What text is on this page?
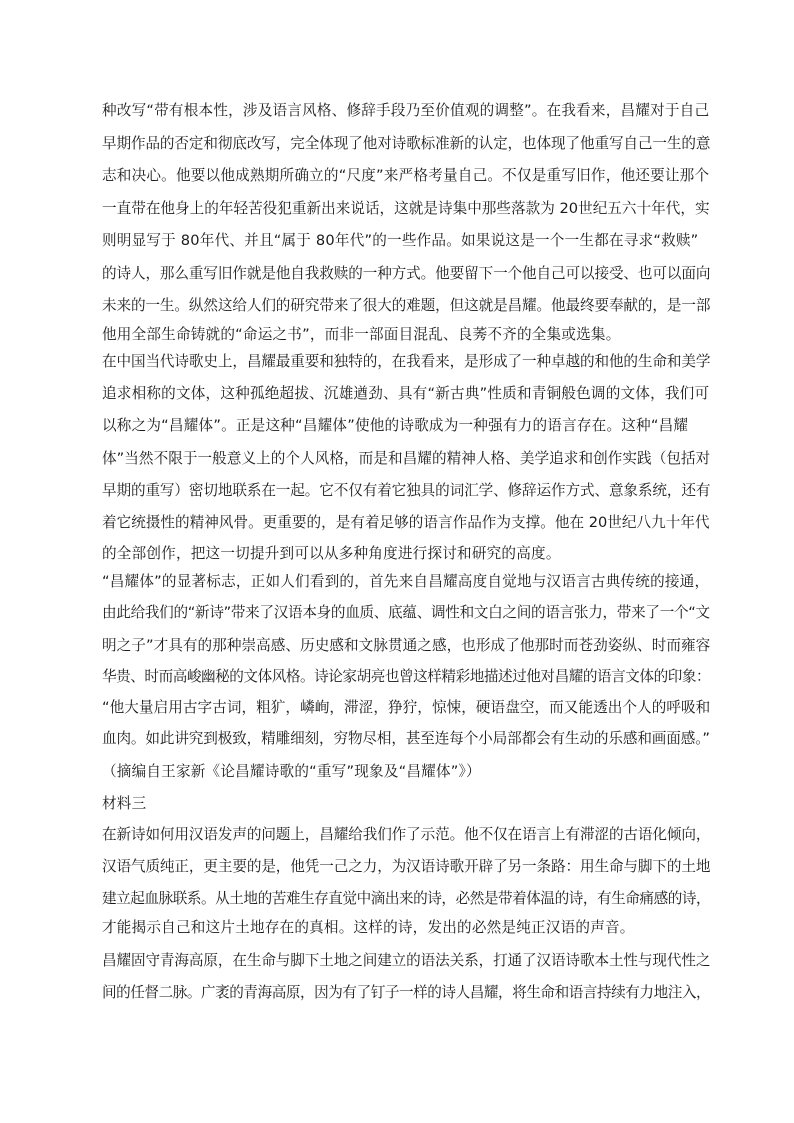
种改写“带有根本性，涉及语言风格、修辞手段乃至价值观的调整”。在我看来，昌耀对于自己

早期作品的否定和彻底改写，完全体现了他对诗歌标准新的认定，也体现了他重写自己一生的意

志和决心。他要以他成熟期所确立的“尺度”来严格考量自己。不仅是重写旧作，他还要让那个

一直带在他身上的年轻苦役犯重新出来说话，这就是诗集中那些落款为 20世纪五六十年代，实

则明显写于 80年代、并且“属于 80年代”的一些作品。如果说这是一个一生都在寻求“救赎”

的诗人，那么重写旧作就是他自我救赎的一种方式。他要留下一个他自己可以接受、也可以面向

未来的一生。纵然这给人们的研究带来了很大的难题，但这就是昌耀。他最终要奉献的，是一部

他用全部生命铸就的“命运之书”，而非一部面目混乱、良莠不齐的全集或选集。

在中国当代诗歌史上，昌耀最重要和独特的，在我看来，是形成了一种卓越的和他的生命和美学

追求相称的文体，这种孤绝超拔、沉雄遒劲、具有“新古典”性质和青铜般色调的文体，我们可

以称之为“昌耀体”。正是这种“昌耀体”使他的诗歌成为一种强有力的语言存在。这种“昌耀

体”当然不限于一般意义上的个人风格，而是和昌耀的精神人格、美学追求和创作实践（包括对

早期的重写）密切地联系在一起。它不仅有着它独具的词汇学、修辞运作方式、意象系统，还有

着它统摄性的精神风骨。更重要的，是有着足够的语言作品作为支撑。他在 20世纪八九十年代

的全部创作，把这一切提升到可以从多种角度进行探讨和研究的高度。

“昌耀体”的显著标志，正如人们看到的，首先来自昌耀高度自觉地与汉语言古典传统的接通，

由此给我们的“新诗”带来了汉语本身的血质、底蕴、调性和文白之间的语言张力，带来了一个“文

明之子”才具有的那种崇高感、历史感和文脉贯通之感，也形成了他那时而苍劲姿纵、时而雍容

华贵、时而高峻幽秘的文体风格。诗论家胡亮也曾这样精彩地描述过他对昌耀的语言文体的印象：

“他大量启用古字古词，粗犷，嶙峋，滞涩，狰狞，惊悚，硬语盘空，而又能透出个人的呼吸和

血肉。如此讲究到极致，精雕细刻，穷物尽相，甚至连每个小局部都会有生动的乐感和画面感。”

（摘编自王家新《论昌耀诗歌的“重写”现象及“昌耀体”》）

材料三

在新诗如何用汉语发声的问题上，昌耀给我们作了示范。他不仅在语言上有滞涩的古语化倾向，

汉语气质纯正，更主要的是，他凭一己之力，为汉语诗歌开辟了另一条路：用生命与脚下的土地

建立起血脉联系。从土地的苦难生存直觉中滴出来的诗，必然是带着体温的诗，有生命痛感的诗，

才能揭示自己和这片土地存在的真相。这样的诗，发出的必然是纯正汉语的声音。

昌耀固守青海高原，在生命与脚下土地之间建立的语法关系，打通了汉语诗歌本土性与现代性之

间的任督二脉。广袤的青海高原，因为有了钉子一样的诗人昌耀，将生命和语言持续有力地注入，
